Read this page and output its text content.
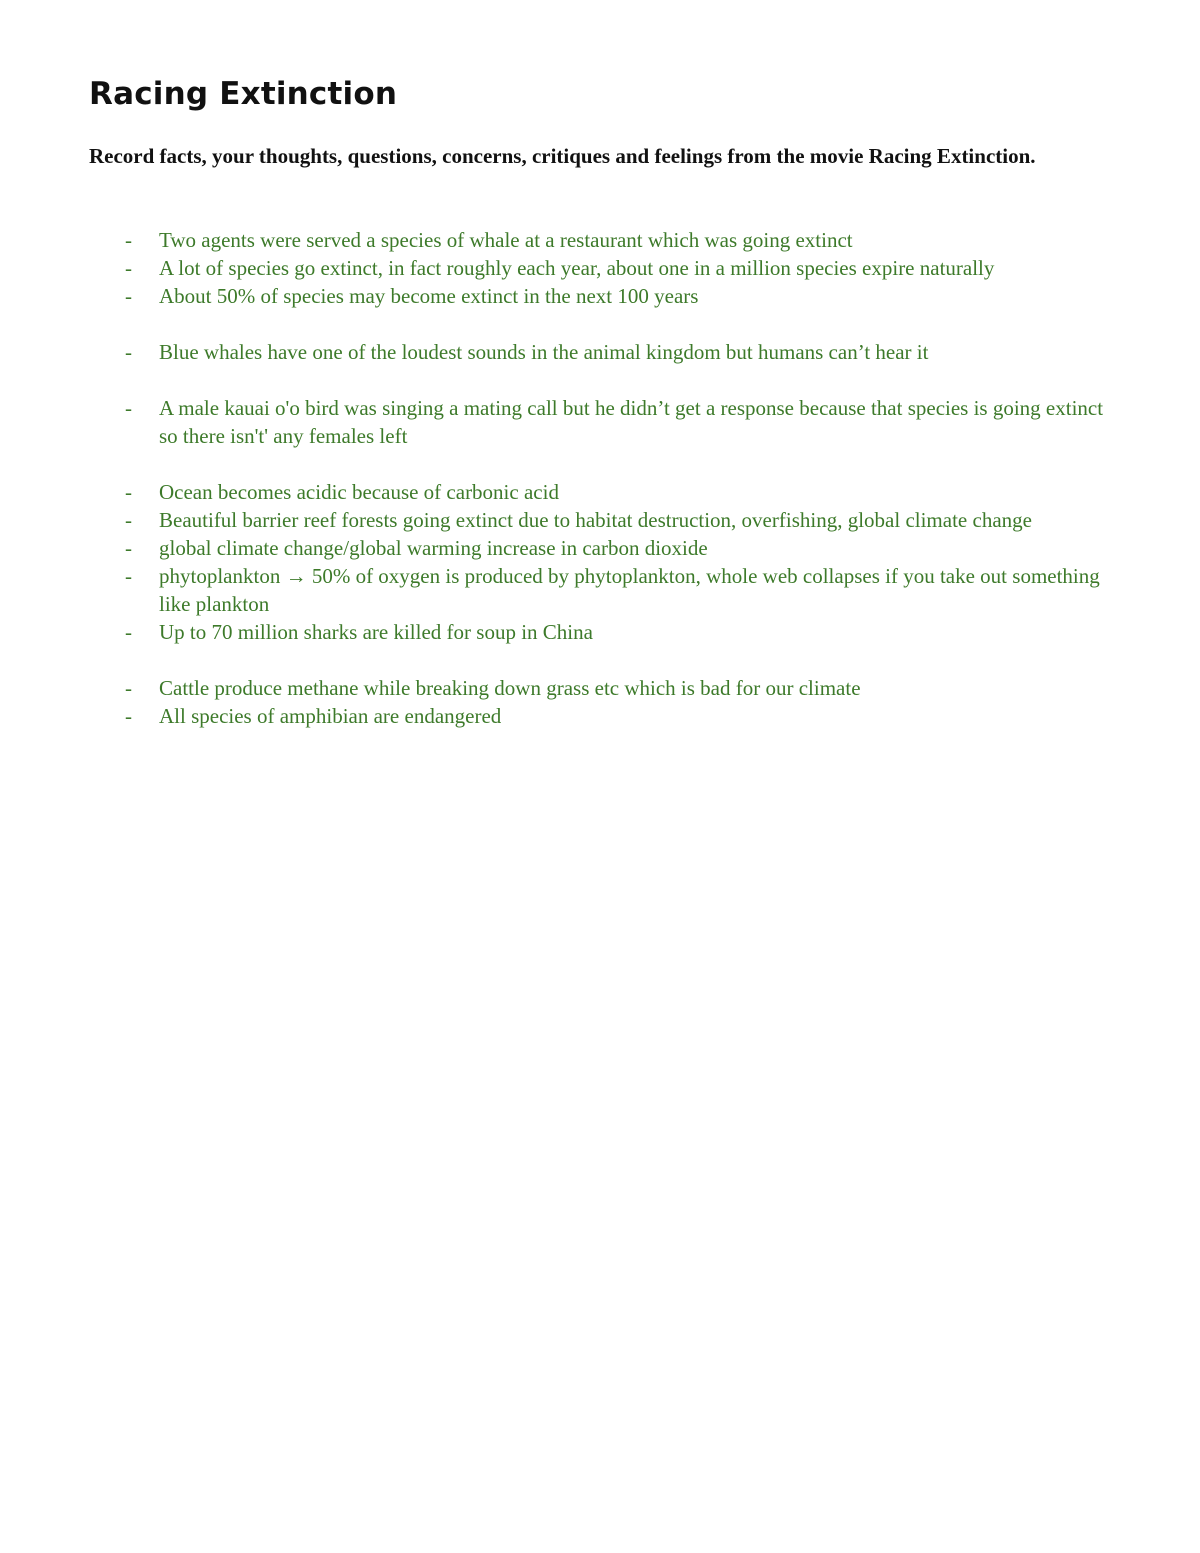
Racing Extinction

Record facts, your thoughts, questions, concerns, critiques and feelings from the movie Racing Extinction.

- Two agents were served a species of whale at a restaurant which was going extinct
- A lot of species go extinct, in fact roughly each year, about one in a million species expire naturally
- About 50% of species may become extinct in the next 100 years
- Blue whales have one of the loudest sounds in the animal kingdom but humans can’t hear it
- A male kauai o'o bird was singing a mating call but he didn’t get a response because that species is going extinct so there isn't' any females left
- Ocean becomes acidic because of carbonic acid
- Beautiful barrier reef forests going extinct due to habitat destruction, overfishing, global climate change
- global climate change/global warming increase in carbon dioxide
- phytoplankton → 50% of oxygen is produced by phytoplankton, whole web collapses if you take out something like plankton
- Up to 70 million sharks are killed for soup in China
- Cattle produce methane while breaking down grass etc which is bad for our climate
- All species of amphibian are endangered
